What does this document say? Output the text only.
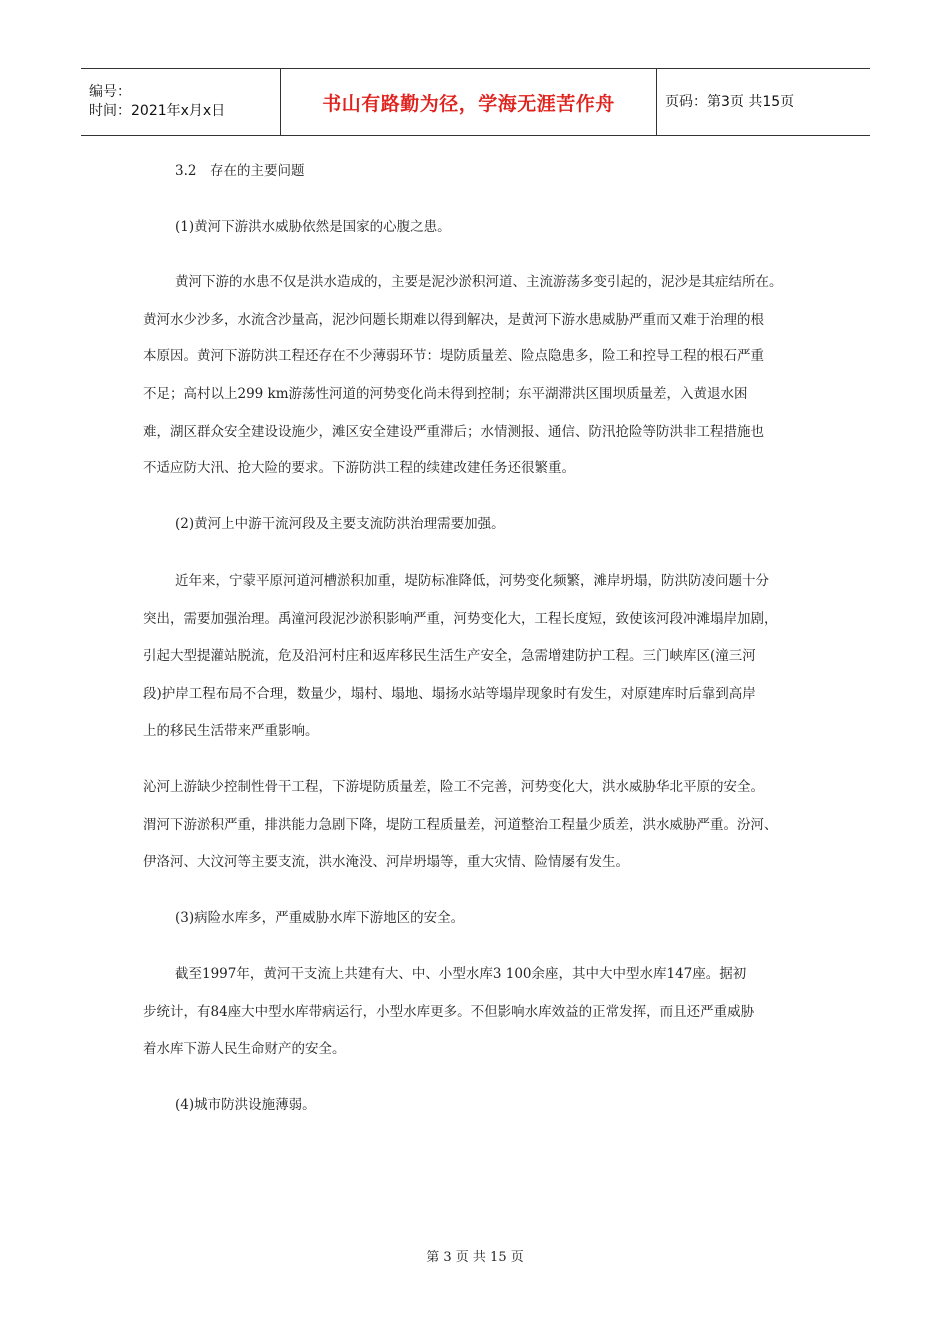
编号：
时间：2021年x月x日	书山有路勤为径，学海无涯苦作舟	页码：第3页 共15页
3.2　存在的主要问题
(1)黄河下游洪水威胁依然是国家的心腹之患。
黄河下游的水患不仅是洪水造成的，主要是泥沙淤积河道、主流游荡多变引起的，泥沙是其症结所在。
黄河水少沙多，水流含沙量高，泥沙问题长期难以得到解决，是黄河下游水患威胁严重而又难于治理的根
本原因。黄河下游防洪工程还存在不少薄弱环节：堤防质量差、险点隐患多，险工和控导工程的根石严重
不足；高村以上299 km游荡性河道的河势变化尚未得到控制；东平湖滞洪区围坝质量差，入黄退水困
难，湖区群众安全建设设施少，滩区安全建设严重滞后；水情测报、通信、防汛抢险等防洪非工程措施也
不适应防大汛、抢大险的要求。下游防洪工程的续建改建任务还很繁重。
(2)黄河上中游干流河段及主要支流防洪治理需要加强。
近年来，宁蒙平原河道河槽淤积加重，堤防标准降低，河势变化频繁，滩岸坍塌，防洪防凌问题十分
突出，需要加强治理。禹潼河段泥沙淤积影响严重，河势变化大，工程长度短，致使该河段冲滩塌岸加剧，
引起大型提灌站脱流，危及沿河村庄和返库移民生活生产安全，急需增建防护工程。三门峡库区(潼三河
段)护岸工程布局不合理，数量少，塌村、塌地、塌扬水站等塌岸现象时有发生，对原建库时后靠到高岸
上的移民生活带来严重影响。
沁河上游缺少控制性骨干工程，下游堤防质量差，险工不完善，河势变化大，洪水威胁华北平原的安全。
渭河下游淤积严重，排洪能力急剧下降，堤防工程质量差，河道整治工程量少质差，洪水威胁严重。汾河、
伊洛河、大汶河等主要支流，洪水淹没、河岸坍塌等，重大灾情、险情屡有发生。
(3)病险水库多，严重威胁水库下游地区的安全。
截至1997年，黄河干支流上共建有大、中、小型水库3 100余座，其中大中型水库147座。据初
步统计，有84座大中型水库带病运行，小型水库更多。不但影响水库效益的正常发挥，而且还严重威胁
着水库下游人民生命财产的安全。
(4)城市防洪设施薄弱。
第 3 页 共 15 页
